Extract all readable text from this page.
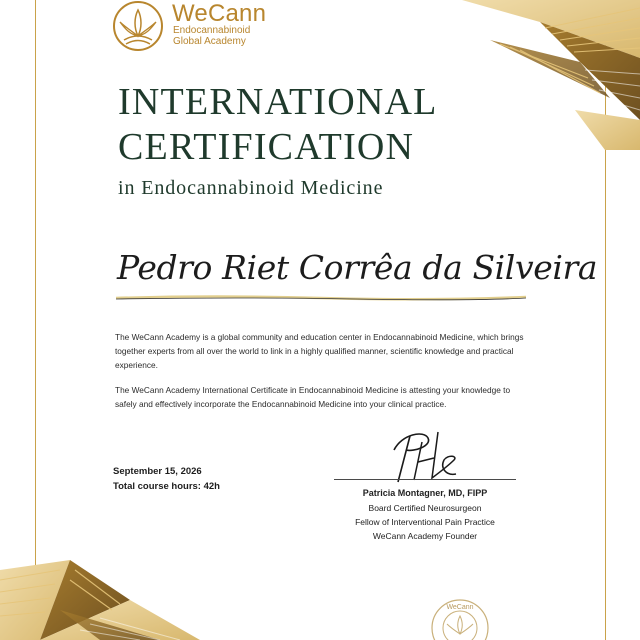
WeCann
Endocannabinoid
Global Academy
INTERNATIONAL
CERTIFICATION
in Endocannabinoid Medicine
Pedro Riet Corrêa da Silveira

The WeCann Academy is a global community and education center in Endocannabinoid Medicine, which brings together experts from all over the world to link in a highly qualified manner, scientific knowledge and practical experience.

The WeCann Academy International Certificate in Endocannabinoid Medicine is attesting your knowledge to safely and effectively incorporate the Endocannabinoid Medicine into your clinical practice.

September 15, 2026
Total course hours: 42h
Patricia Montagner, MD, FIPP
Board Certified Neurosurgeon
Fellow of Interventional Pain Practice
WeCann Academy Founder
WeCann
